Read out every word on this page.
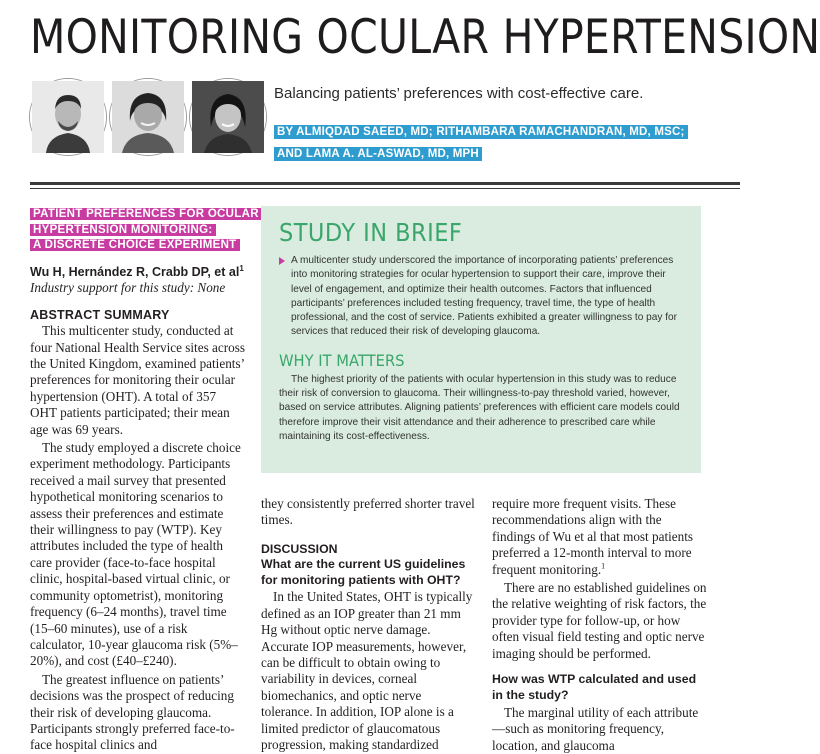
MONITORING OCULAR HYPERTENSION
Balancing patients’ preferences with cost-effective care.
BY ALMIQDAD SAEED, MD; RITHAMBARA RAMACHANDRAN, MD, MSC;
AND LAMA A. AL-ASWAD, MD, MPH
PATIENT PREFERENCES FOR OCULAR
HYPERTENSION MONITORING:
A DISCRETE CHOICE EXPERIMENT
Wu H, Hernández R, Crabb DP, et $al^1$
Industry support for this study: None
ABSTRACT SUMMARY

This multicenter study, conducted at four National Health Service sites across the United Kingdom, examined patients’ preferences for monitoring their ocular hypertension (OHT). A total of 357 OHT patients participated; their mean age was 69 years.

The study employed a discrete choice experiment methodology. Participants received a mail survey that presented hypothetical monitoring scenarios to assess their preferences and estimate their willingness to pay (WTP). Key attributes included the type of health care provider (face-to-face hospital clinic, hospital-based virtual clinic, or community optometrist), monitoring frequency (6–24 months), travel time (15–60 minutes), use of a risk calculator, 10-year glaucoma risk (5%–20%), and cost (£40–£240).

The greatest influence on patients’ decisions was the prospect of reducing their risk of developing glaucoma. Participants strongly preferred face-to-face hospital clinics and

STUDY IN BRIEF
A multicenter study underscored the importance of incorporating patients’ preferences into monitoring strategies for ocular hypertension to support their care, improve their level of engagement, and optimize their health outcomes. Factors that influenced participants’ preferences included testing frequency, travel time, the type of health professional, and the cost of service. Patients exhibited a greater willingness to pay for services that reduced their risk of developing glaucoma.
WHY IT MATTERS
The highest priority of the patients with ocular hypertension in this study was to reduce their risk of conversion to glaucoma. Their willingness-to-pay threshold varied, however, based on service attributes. Aligning patients’ preferences with efficient care models could therefore improve their visit attendance and their adherence to prescribed care while maintaining its cost-effectiveness.

they consistently preferred shorter travel times.

DISCUSSION
What are the current US guidelines for monitoring patients with OHT?

In the United States, OHT is typically defined as an IOP greater than 21 mm Hg without optic nerve damage. Accurate IOP measurements, however, can be difficult to obtain owing to variability in devices, corneal biomechanics, and optic nerve tolerance. In addition, IOP alone is a limited predictor of glaucomatous progression, making standardized

require more frequent visits. These recommendations align with the findings of Wu et al that most patients preferred a 12-month interval to more frequent monitoring.$^1$

There are no established guidelines on the relative weighting of risk factors, the provider type for follow-up, or how often visual field testing and optic nerve imaging should be performed.

How was WTP calculated and used in the study?

The marginal utility of each attribute—such as monitoring frequency, location, and glaucoma
